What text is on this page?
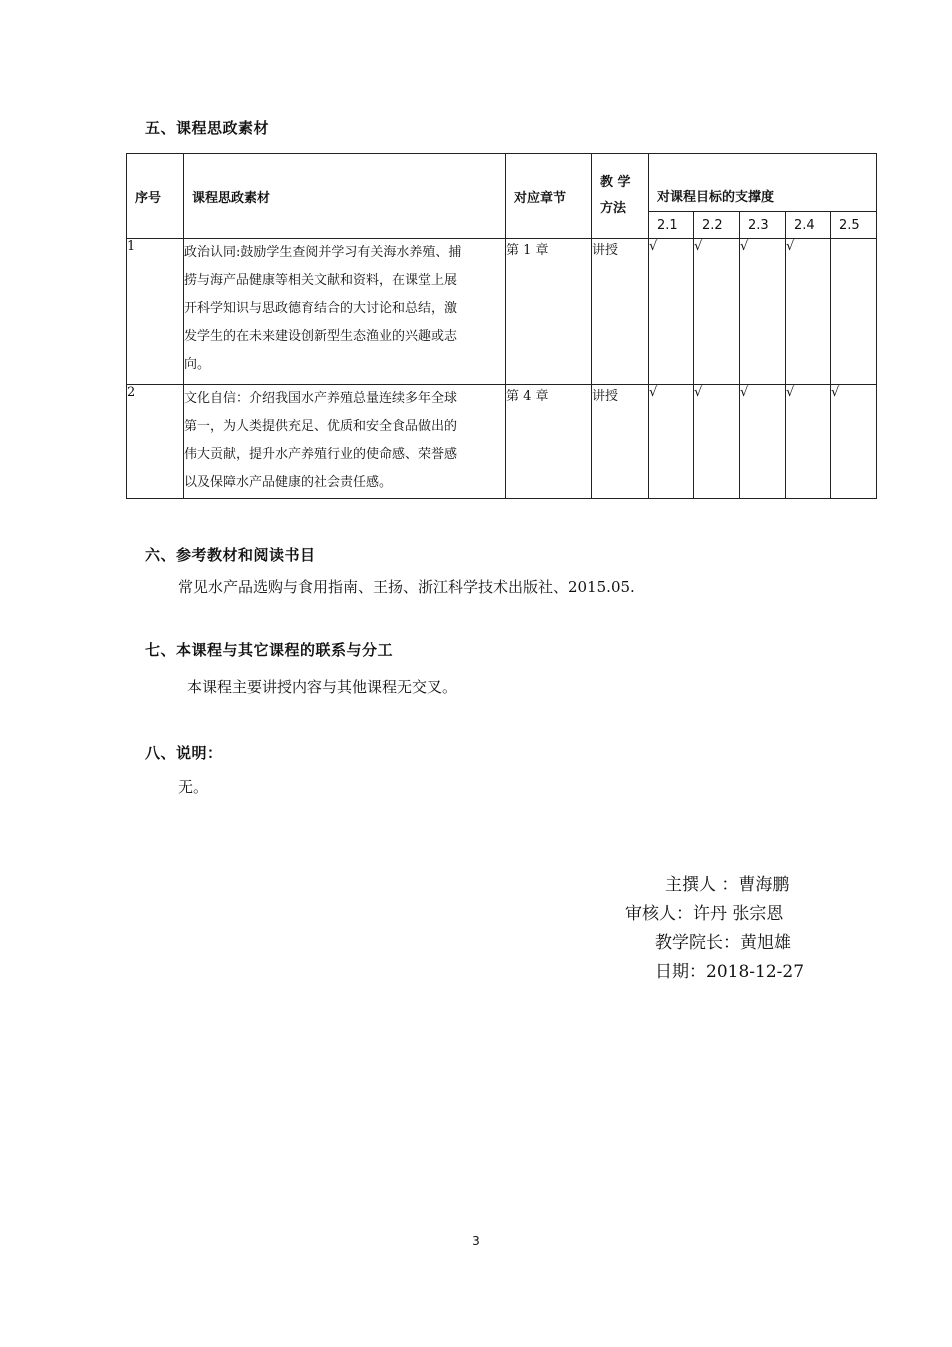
五、课程思政素材
序号	课程思政素材	对应章节	教 学
方法	对课程目标的支撑度				
				2.1	2.2	2.3	2.4	2.5
1	政治认同:鼓励学生查阅并学习有关海水养殖、捕
捞与海产品健康等相关文献和资料，在课堂上展
开科学知识与思政德育结合的大讨论和总结，激
发学生的在未来建设创新型生态渔业的兴趣或志
向。	第 1 章	讲授	√	√	√	√	
2	文化自信：介绍我国水产养殖总量连续多年全球
第一，为人类提供充足、优质和安全食品做出的
伟大贡献，提升水产养殖行业的使命感、荣誉感
以及保障水产品健康的社会责任感。	第 4 章	讲授	√	√	√	√	√
六、参考教材和阅读书目
常见水产品选购与食用指南、王扬、浙江科学技术出版社、2015.05.
七、本课程与其它课程的联系与分工
本课程主要讲授内容与其他课程无交叉。
八、说明：
无。
主撰人 ：曹海鹏
审核人：许丹 张宗恩
教学院长：黄旭雄
日期：2018-12-27
3
